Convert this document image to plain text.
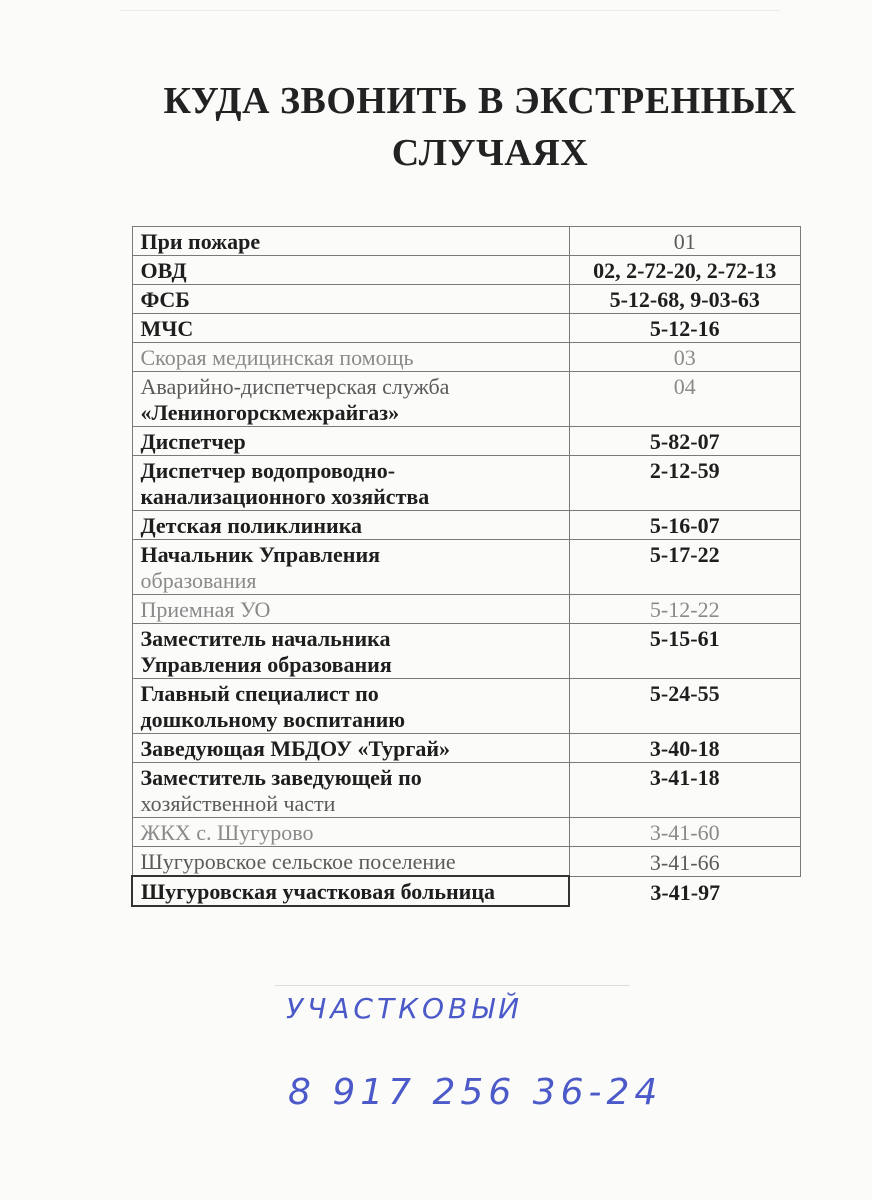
КУДА ЗВОНИТЬ В ЭКСТРЕННЫХ
СЛУЧАЯХ
При пожаре	01

ОВД	02, 2-72-20, 2-72-13

ФСБ	5-12-68, 9-03-63

МЧС	5-12-16

Скорая медицинская помощь	03

Аварийно-диспетчерская служба
«Лениногорскмежрайгаз»	04

Диспетчер	5-82-07

Диспетчер водопроводно-
канализационного хозяйства	2-12-59

Детская поликлиника	5-16-07

Начальник Управления
образования	5-17-22

Приемная УО	5-12-22

Заместитель начальника
Управления образования	5-15-61

Главный специалист по
дошкольному воспитанию	5-24-55

Заведующая МБДОУ «Тургай»	3-40-18

Заместитель заведующей по
хозяйственной части	3-41-18

ЖКХ с. Шугурово	3-41-60

Шугуровское сельское поселение	3-41-66

Шугуровская участковая больница	3-41-97
УЧАСТКОВЫЙ
8 917 256 36-24
